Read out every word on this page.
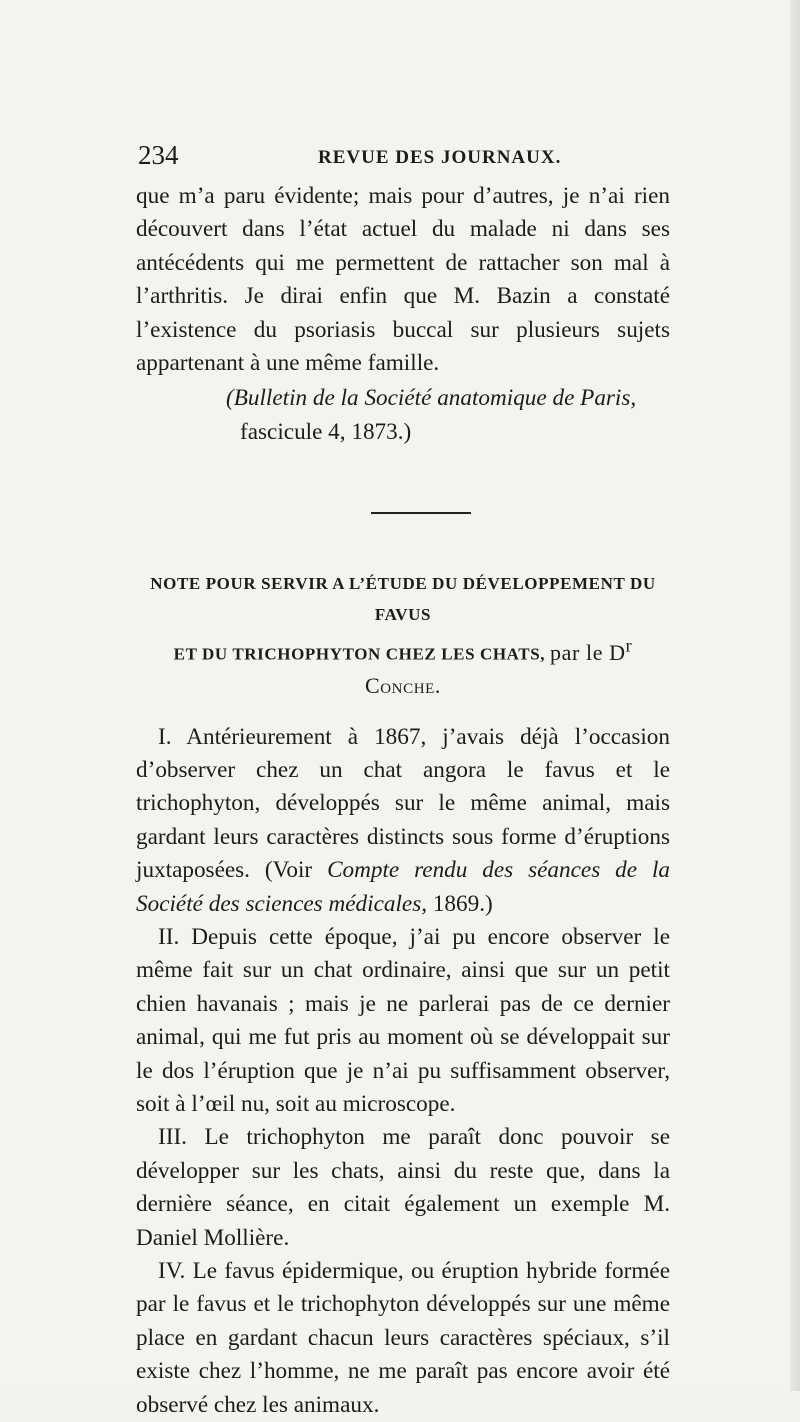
234	REVUE DES JOURNAUX.

que m’a paru évidente; mais pour d’autres, je n’ai rien découvert dans l’état actuel du malade ni dans ses antécédents qui me permettent de rattacher son mal à l’arthritis. Je dirai enfin que M. Bazin a constaté l’existence du psoriasis buccal sur plusieurs sujets appartenant à une même famille.

(Bulletin de la Société anatomique de Paris,
fascicule 4, 1873.)
NOTE POUR SERVIR A L’ÉTUDE DU DÉVELOPPEMENT DU FAVUS
ET DU TRICHOPHYTON CHEZ LES CHATS, par le $D^r$ Conche.

I. Antérieurement à 1867, j’avais déjà l’occasion d’observer chez un chat angora le favus et le trichophyton, développés sur le même animal, mais gardant leurs caractères distincts sous forme d’éruptions juxtaposées. (Voir Compte rendu des séances de la Société des sciences médicales, 1869.)

II. Depuis cette époque, j’ai pu encore observer le même fait sur un chat ordinaire, ainsi que sur un petit chien havanais ; mais je ne parlerai pas de ce dernier animal, qui me fut pris au moment où se développait sur le dos l’éruption que je n’ai pu suffisamment observer, soit à l’œil nu, soit au microscope.

III. Le trichophyton me paraît donc pouvoir se développer sur les chats, ainsi du reste que, dans la dernière séance, en citait également un exemple M. Daniel Mollière.

IV. Le favus épidermique, ou éruption hybride formée par le favus et le trichophyton développés sur une même place en gardant chacun leurs caractères spéciaux, s’il existe chez l’homme, ne me paraît pas encore avoir été observé chez les animaux.
